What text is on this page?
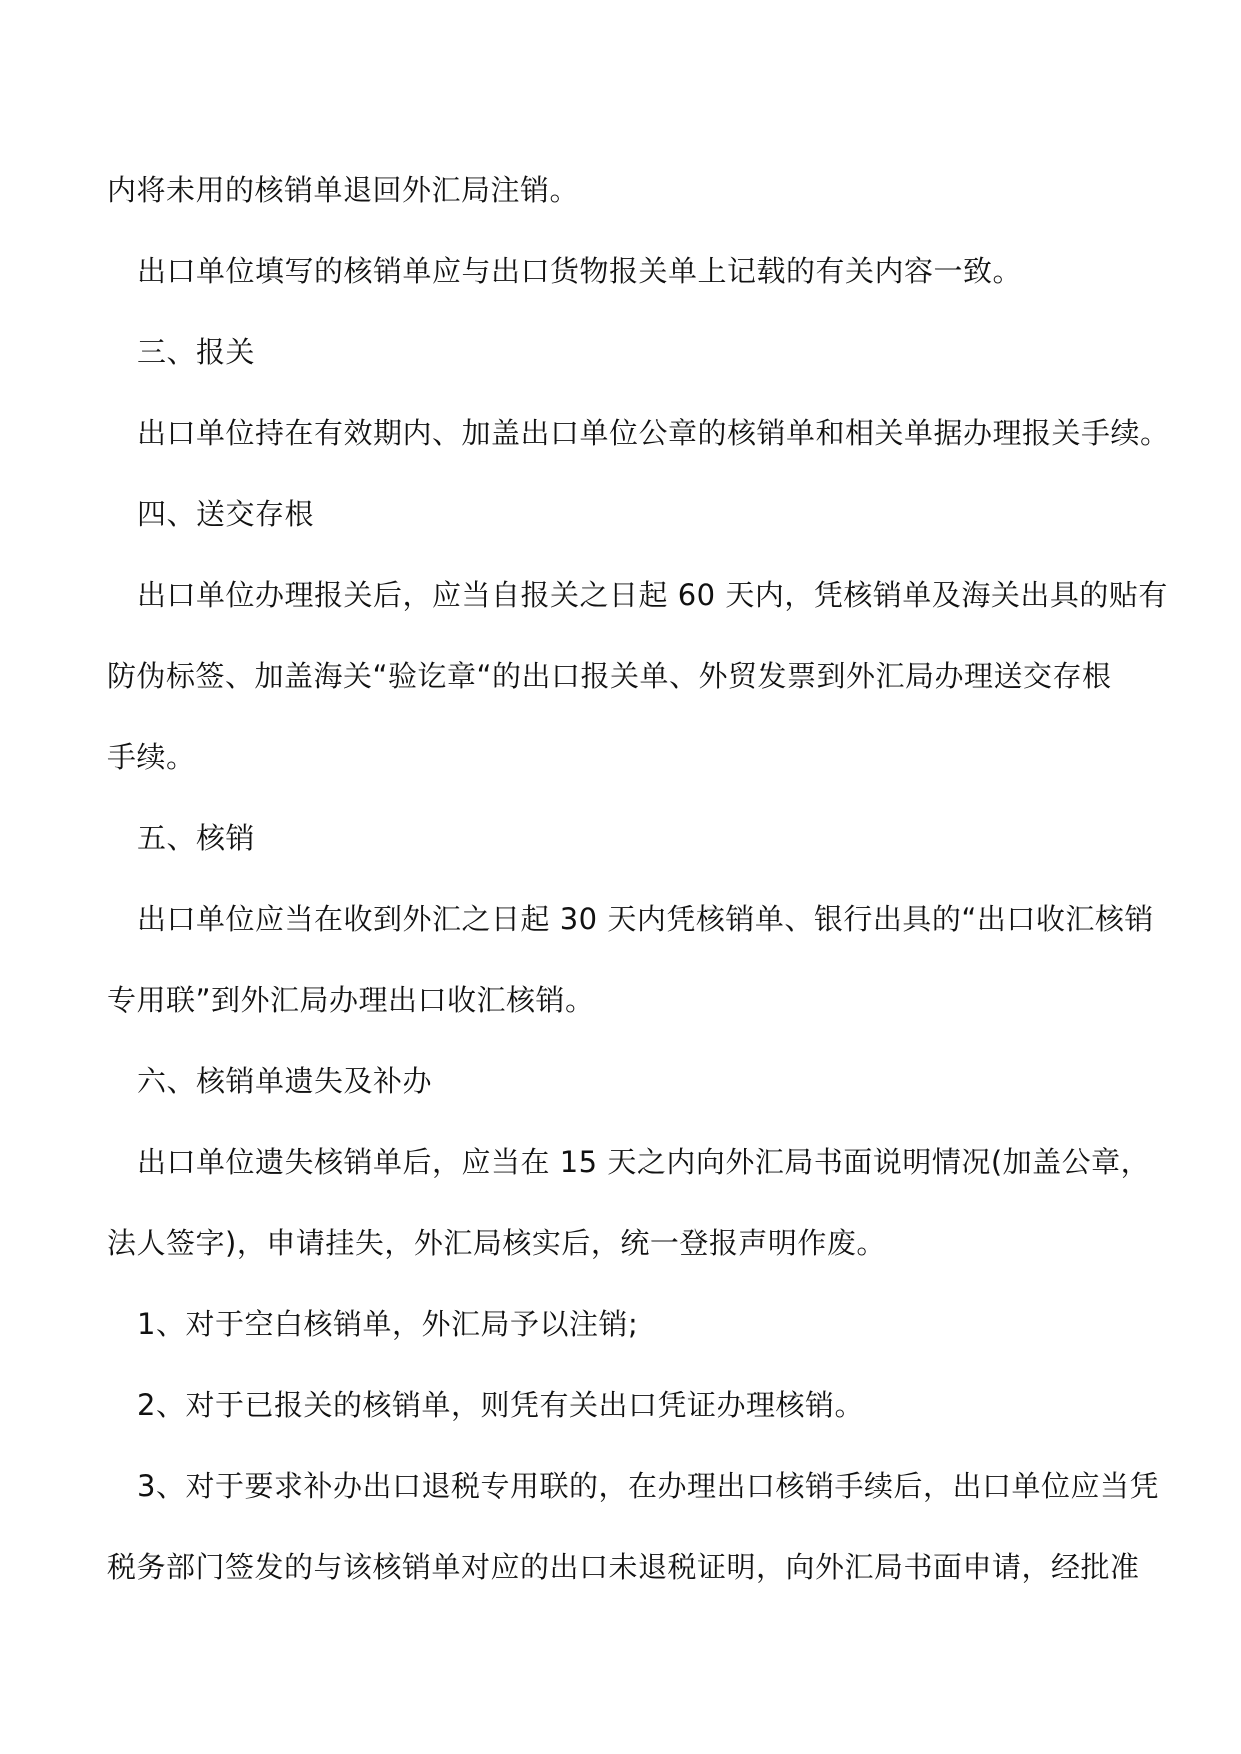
内将未用的核销单退回外汇局注销。
出口单位填写的核销单应与出口货物报关单上记载的有关内容一致。
三、报关
出口单位持在有效期内、加盖出口单位公章的核销单和相关单据办理报关手续。
四、送交存根
出口单位办理报关后，应当自报关之日起 60 天内，凭核销单及海关出具的贴有
防伪标签、加盖海关“验讫章“的出口报关单、外贸发票到外汇局办理送交存根
手续。
五、核销
出口单位应当在收到外汇之日起 30 天内凭核销单、银行出具的“出口收汇核销
专用联”到外汇局办理出口收汇核销。
六、核销单遗失及补办
出口单位遗失核销单后，应当在 15 天之内向外汇局书面说明情况(加盖公章，
法人签字)，申请挂失，外汇局核实后，统一登报声明作废。
1、对于空白核销单，外汇局予以注销;
2、对于已报关的核销单，则凭有关出口凭证办理核销。
3、对于要求补办出口退税专用联的，在办理出口核销手续后，出口单位应当凭
税务部门签发的与该核销单对应的出口未退税证明，向外汇局书面申请，经批准
